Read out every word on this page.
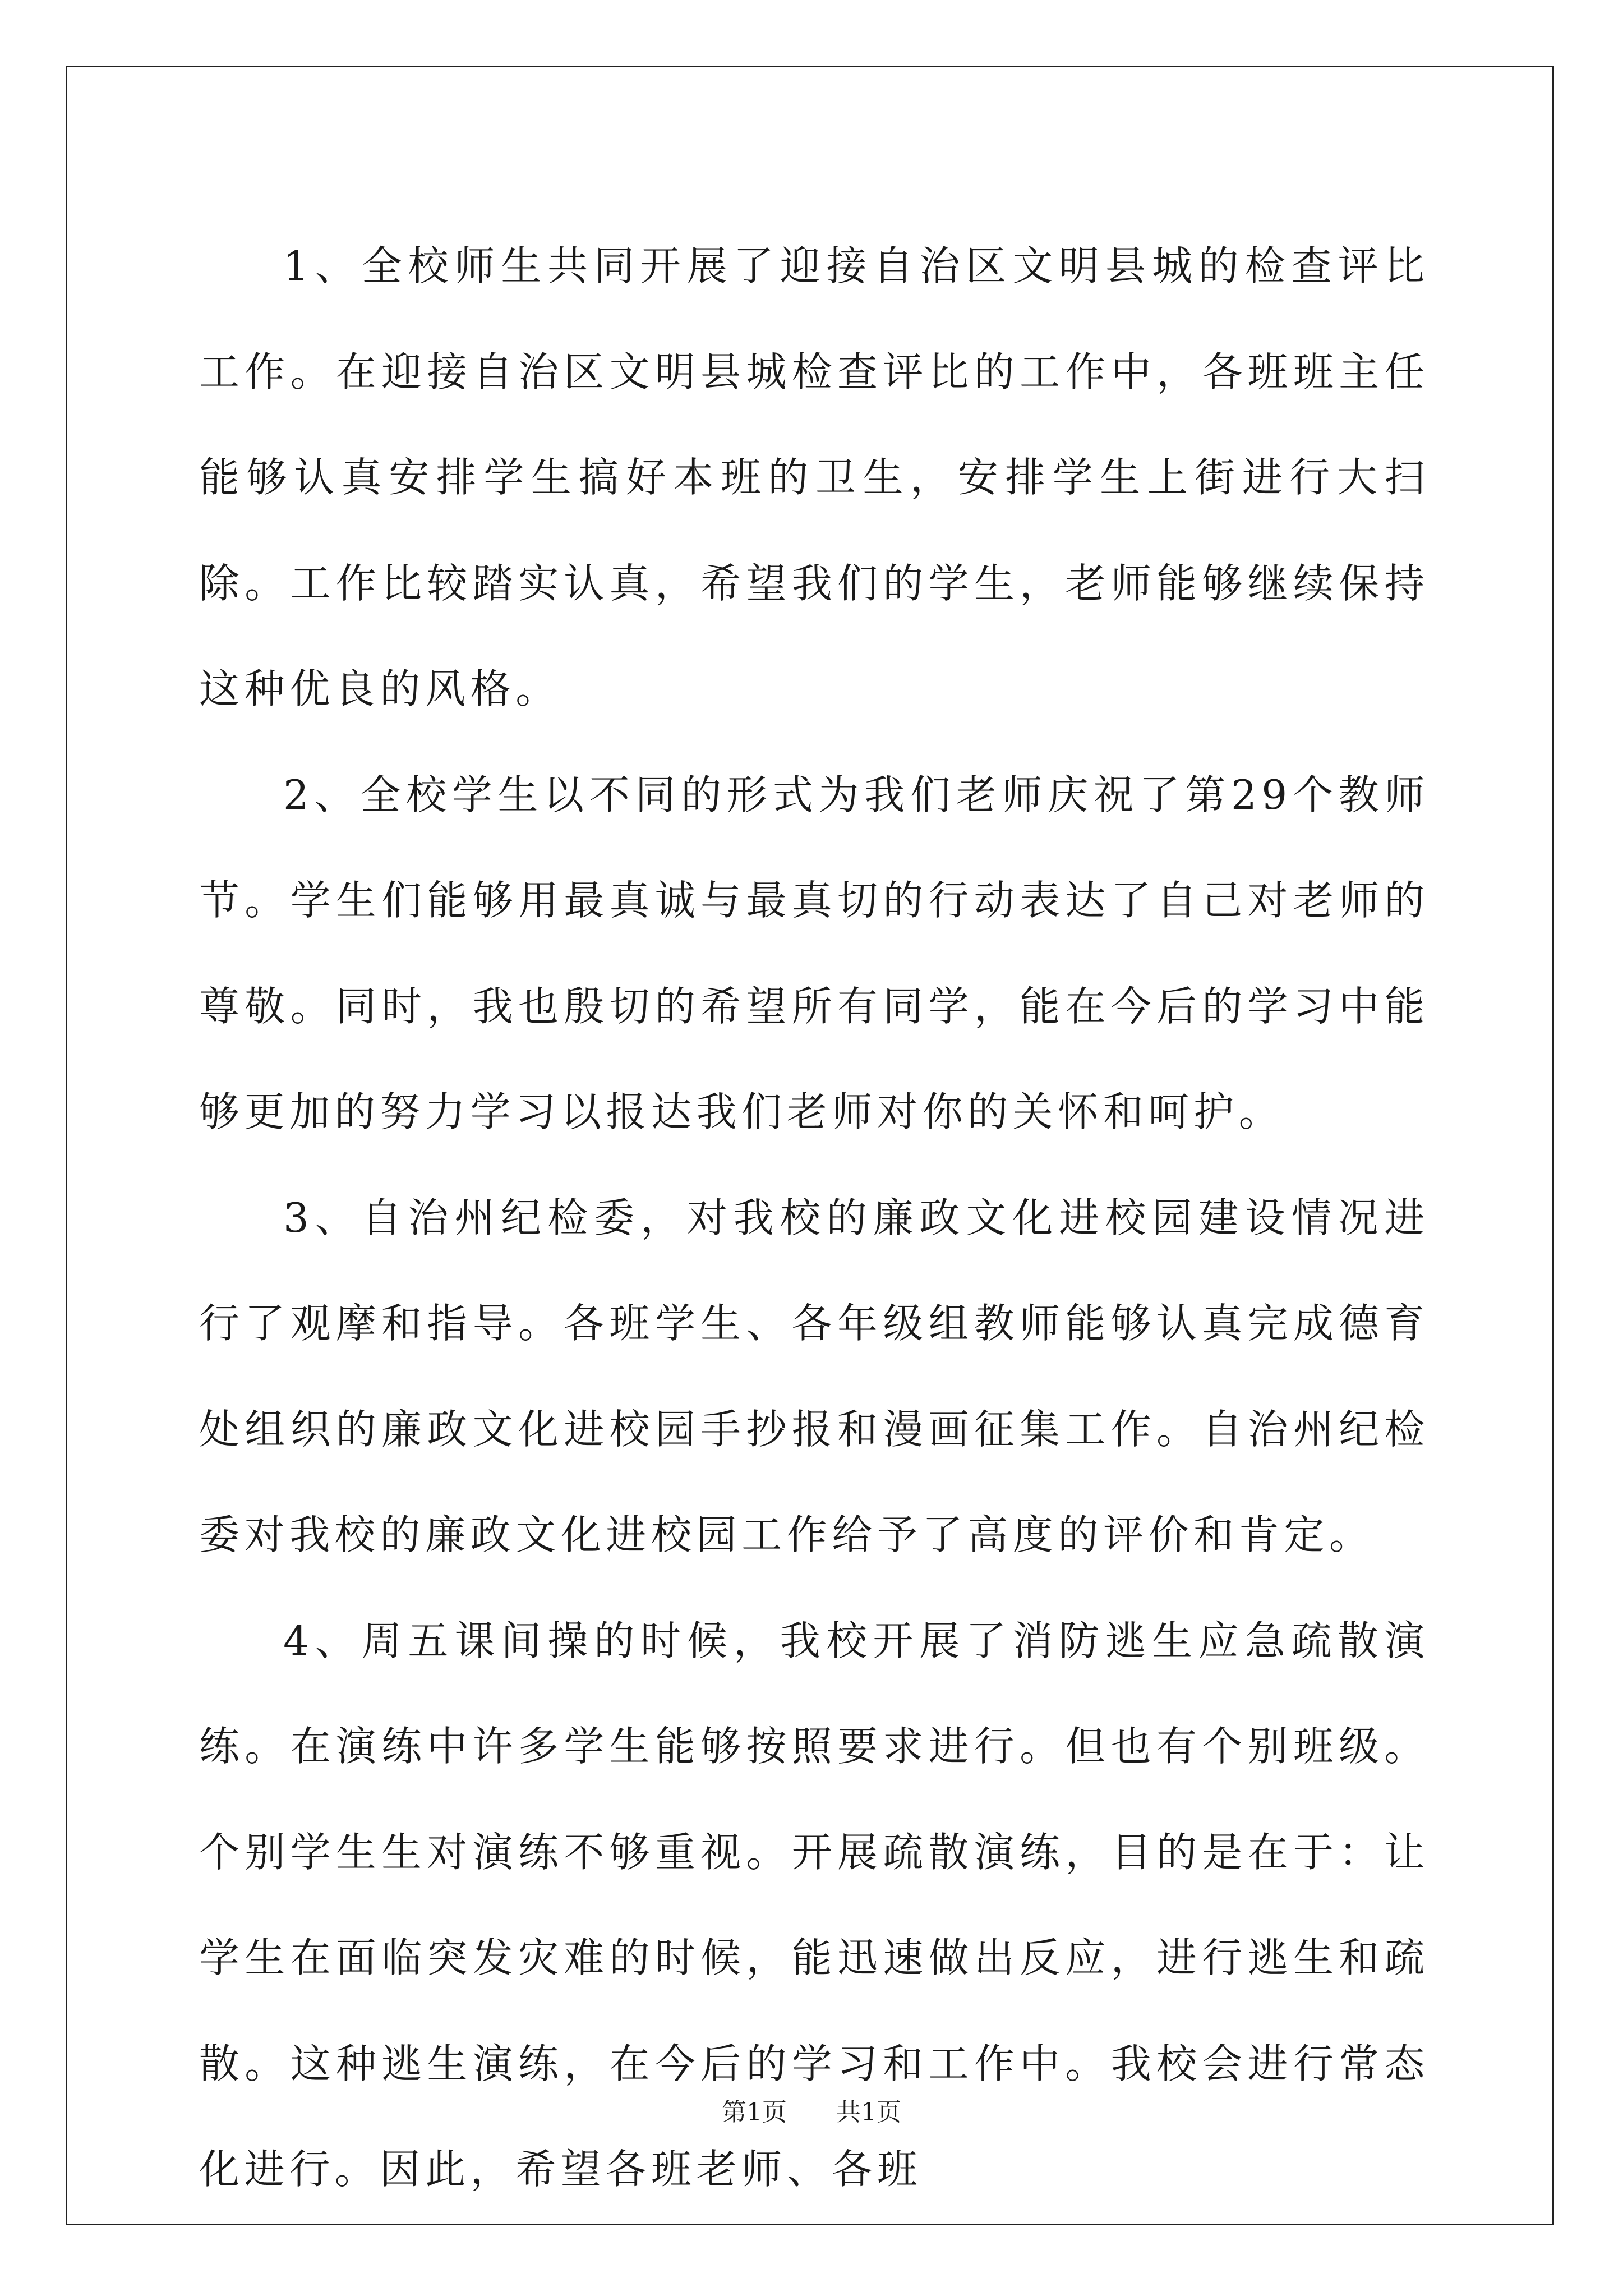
1、全校师生共同开展了迎接自治区文明县城的检查评比工作。在迎接自治区文明县城检查评比的工作中，各班班主任能够认真安排学生搞好本班的卫生，安排学生上街进行大扫除。工作比较踏实认真，希望我们的学生，老师能够继续保持这种优良的风格。

2、全校学生以不同的形式为我们老师庆祝了第29个教师节。学生们能够用最真诚与最真切的行动表达了自己对老师的尊敬。同时，我也殷切的希望所有同学，能在今后的学习中能够更加的努力学习以报达我们老师对你的关怀和呵护。

3、自治州纪检委，对我校的廉政文化进校园建设情况进行了观摩和指导。各班学生、各年级组教师能够认真完成德育处组织的廉政文化进校园手抄报和漫画征集工作。自治州纪检委对我校的廉政文化进校园工作给予了高度的评价和肯定。

4、周五课间操的时候，我校开展了消防逃生应急疏散演练。在演练中许多学生能够按照要求进行。但也有个别班级。个别学生生对演练不够重视。开展疏散演练，目的是在于：让学生在面临突发灾难的时候，能迅速做出反应，进行逃生和疏散。这种逃生演练，在今后的学习和工作中。我校会进行常态化进行。因此，希望各班老师、各班

第1页 共1页
